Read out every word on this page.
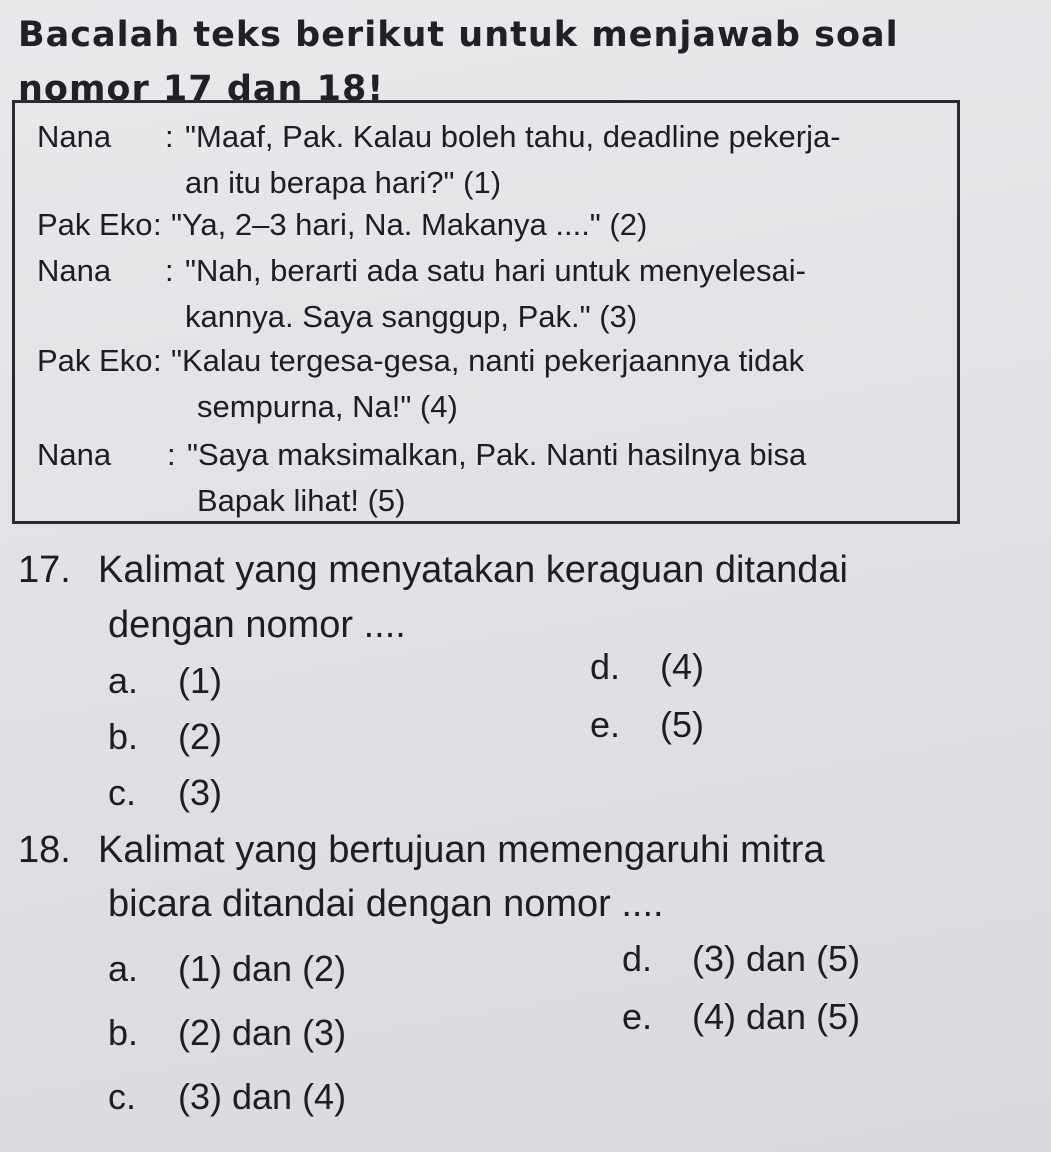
Bacalah teks berikut untuk menjawab soal nomor 17 dan 18!
Nana : "Maaf, Pak. Kalau boleh tahu, deadline pekerja-
an itu berapa hari?" (1)
Pak Eko : "Ya, 2–3 hari, Na. Makanya ...." (2)
Nana : "Nah, berarti ada satu hari untuk menyelesai-
kannya. Saya sanggup, Pak." (3)
Pak Eko : "Kalau tergesa-gesa, nanti pekerjaannya tidak
sempurna, Na!" (4)
Nana : "Saya maksimalkan, Pak. Nanti hasilnya bisa
Bapak lihat! (5)
17. Kalimat yang menyatakan keraguan ditandai
dengan nomor ....
a. (1)
b. (2)
c. (3)
d. (4)
e. (5)
18. Kalimat yang bertujuan memengaruhi mitra
bicara ditandai dengan nomor ....
a. (1) dan (2)
b. (2) dan (3)
c. (3) dan (4)
d. (3) dan (5)
e. (4) dan (5)
